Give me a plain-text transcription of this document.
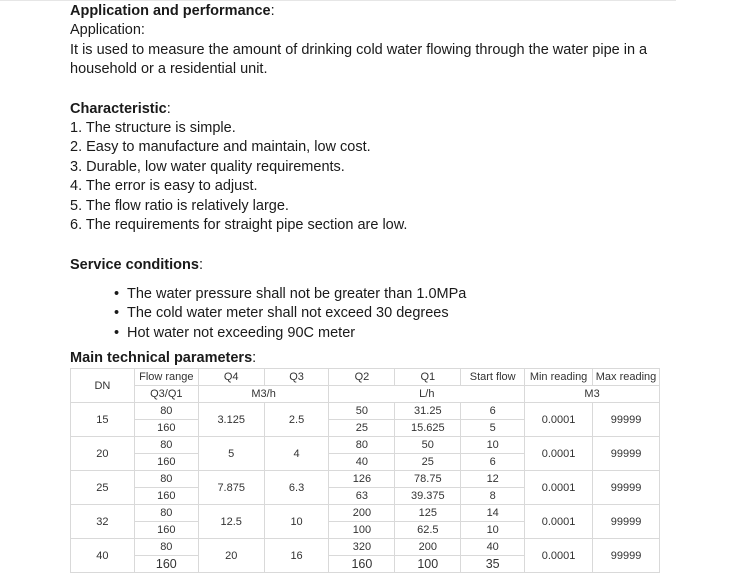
Application and performance:
Application:
It is used to measure the amount of drinking cold water flowing through the water pipe in a
household or a residential unit.
Characteristic:
1. The structure is simple.
2. Easy to manufacture and maintain, low cost.
3. Durable, low water quality requirements.
4. The error is easy to adjust.
5. The flow ratio is relatively large.
6. The requirements for straight pipe section are low.
Service conditions:
• The water pressure shall not be greater than 1.0MPa
• The cold water meter shall not exceed 30 degrees
• Hot water not exceeding 90C meter
Main technical parameters:
DN	Flow range	Q4	Q3	Q2	Q1	Start flow	Min reading	Max reading
	Q3/Q1	M3/h		L/h			M3	
15	80	3.125	2.5	50	31.25	6	0.0001	99999
	160			25	15.625	5		
20	80	5	4	80	50	10	0.0001	99999
	160			40	25	6		
25	80	7.875	6.3	126	78.75	12	0.0001	99999
	160			63	39.375	8		
32	80	12.5	10	200	125	14	0.0001	99999
	160			100	62.5	10		
40	80	20	16	320	200	40	0.0001	99999
	160			160	100	35		
